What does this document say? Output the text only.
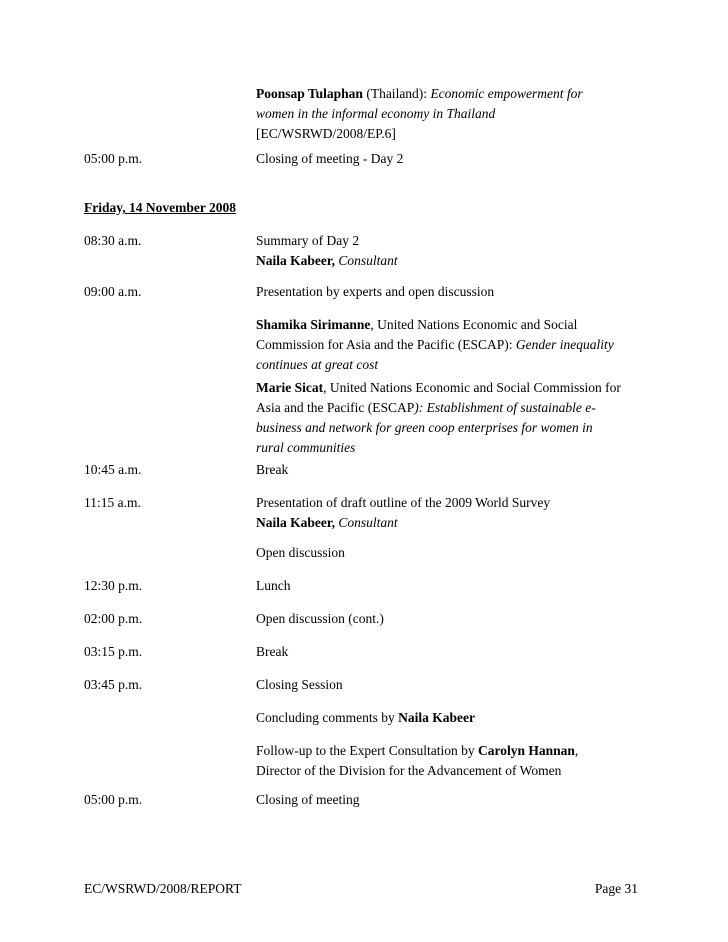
Poonsap Tulaphan (Thailand): Economic empowerment for
women in the informal economy in Thailand
[EC/WSRWD/2008/EP.6]
05:00 p.m.	Closing of meeting - Day 2
Friday, 14 November 2008
08:30 a.m.	Summary of Day 2
Naila Kabeer, Consultant
09:00 a.m.	Presentation by experts and open discussion
Shamika Sirimanne, United Nations Economic and Social
Commission for Asia and the Pacific (ESCAP): Gender inequality
continues at great cost
Marie Sicat, United Nations Economic and Social Commission for
Asia and the Pacific (ESCAP): Establishment of sustainable e-
business and network for green coop enterprises for women in
rural communities
10:45 a.m.	Break
11:15 a.m.	Presentation of draft outline of the 2009 World Survey
Naila Kabeer, Consultant
Open discussion
12:30 p.m.	Lunch
02:00 p.m.	Open discussion (cont.)
03:15 p.m.	Break
03:45 p.m.	Closing Session
Concluding comments by Naila Kabeer
Follow-up to the Expert Consultation by Carolyn Hannan,
Director of the Division for the Advancement of Women
05:00 p.m.	Closing of meeting
EC/WSRWD/2008/REPORT	Page 31
